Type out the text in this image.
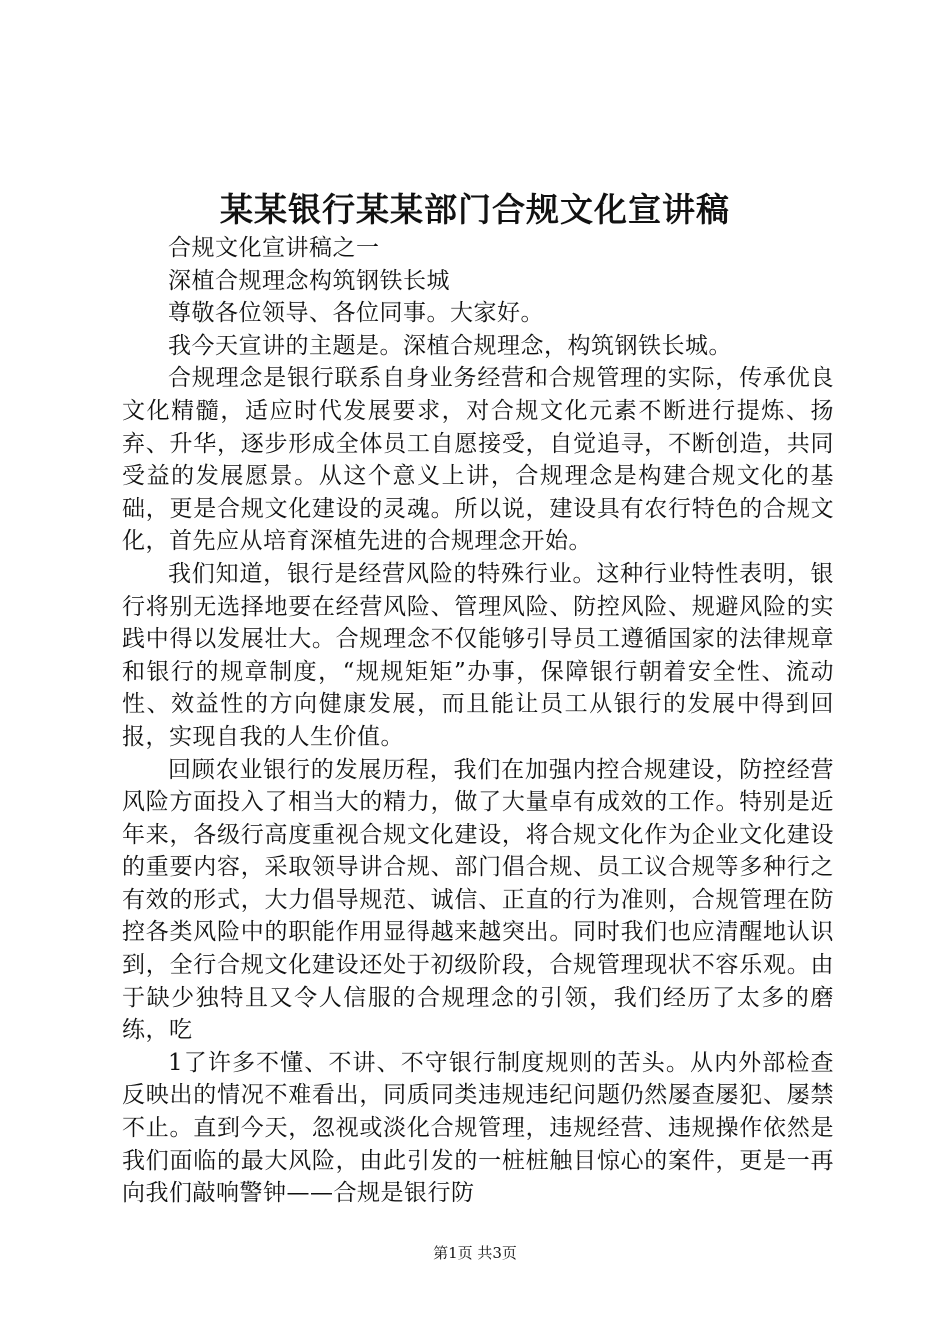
某某银行某某部门合规文化宣讲稿

合规文化宣讲稿之一

深植合规理念构筑钢铁长城

尊敬各位领导、各位同事。大家好。

我今天宣讲的主题是。深植合规理念，构筑钢铁长城。

合规理念是银行联系自身业务经营和合规管理的实际，传承优良文化精髓，适应时代发展要求，对合规文化元素不断进行提炼、扬弃、升华，逐步形成全体员工自愿接受，自觉追寻，不断创造，共同受益的发展愿景。从这个意义上讲，合规理念是构建合规文化的基础，更是合规文化建设的灵魂。所以说，建设具有农行特色的合规文化，首先应从培育深植先进的合规理念开始。

我们知道，银行是经营风险的特殊行业。这种行业特性表明，银行将别无选择地要在经营风险、管理风险、防控风险、规避风险的实践中得以发展壮大。合规理念不仅能够引导员工遵循国家的法律规章和银行的规章制度，“规规矩矩”办事，保障银行朝着安全性、流动性、效益性的方向健康发展，而且能让员工从银行的发展中得到回报，实现自我的人生价值。

回顾农业银行的发展历程，我们在加强内控合规建设，防控经营风险方面投入了相当大的精力，做了大量卓有成效的工作。特别是近年来，各级行高度重视合规文化建设，将合规文化作为企业文化建设的重要内容，采取领导讲合规、部门倡合规、员工议合规等多种行之有效的形式，大力倡导规范、诚信、正直的行为准则，合规管理在防控各类风险中的职能作用显得越来越突出。同时我们也应清醒地认识到，全行合规文化建设还处于初级阶段，合规管理现状不容乐观。由于缺少独特且又令人信服的合规理念的引领，我们经历了太多的磨练，吃

1了许多不懂、不讲、不守银行制度规则的苦头。从内外部检查反映出的情况不难看出，同质同类违规违纪问题仍然屡查屡犯、屡禁不止。直到今天，忽视或淡化合规管理，违规经营、违规操作依然是我们面临的最大风险，由此引发的一桩桩触目惊心的案件，更是一再向我们敲响警钟——合规是银行防

第1页 共3页
